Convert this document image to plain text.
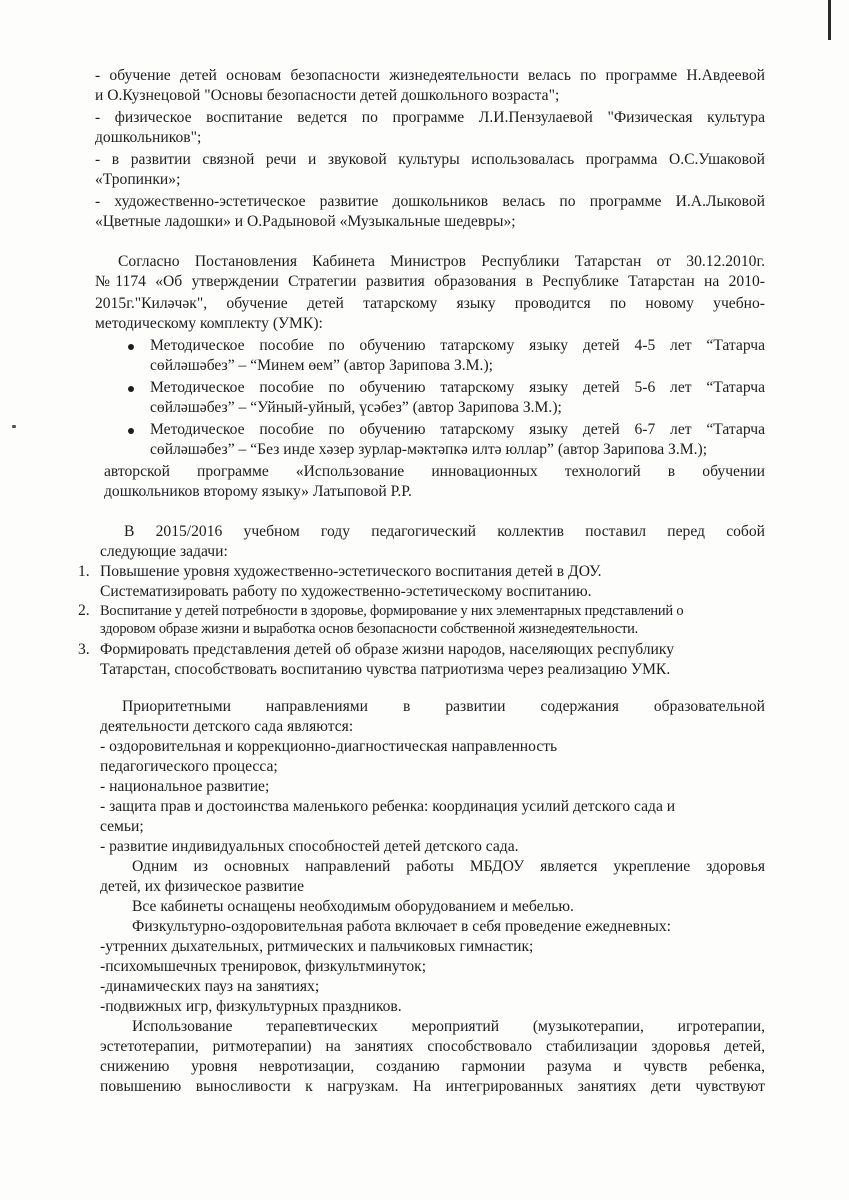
- обучение детей основам безопасности жизнедеятельности велась по программе Н.Авдеевой
и О.Кузнецовой "Основы безопасности детей дошкольного возраста";
- физическое воспитание ведется по программе Л.И.Пензулаевой "Физическая культура
дошкольников";
- в развитии связной речи и звуковой культуры использовалась программа О.С.Ушаковой
«Тропинки»;
- художественно-эстетическое развитие дошкольников велась по программе И.А.Лыковой
«Цветные ладошки» и О.Радыновой «Музыкальные шедевры»;
Согласно Постановления Кабинета Министров Республики Татарстан от 30.12.2010г.
№1174 «Об утверждении Стратегии развития образования в Республике Татарстан на 2010-
2015г."Киләчәк", обучение детей татарскому языку проводится по новому учебно-
методическому комплекту (УМК):
Методическое пособие по обучению татарскому языку детей 4-5 лет “Татарча
сөйләшәбез” – “Минем өем” (автор Зарипова З.М.);
Методическое пособие по обучению татарскому языку детей 5-6 лет “Татарча
сөйләшәбез” – “Уйный-уйный, үсәбез” (автор Зарипова З.М.);
Методическое пособие по обучению татарскому языку детей 6-7 лет “Татарча
сөйләшәбез” – “Без инде хәзер зурлар-мәктәпкә илтә юллар” (автор Зарипова З.М.);
авторской программе «Использование инновационных технологий в обучении
дошкольников второму языку» Латыповой Р.Р.
В 2015/2016 учебном году педагогический коллектив поставил перед собой
следующие задачи:
1. Повышение уровня художественно-эстетического воспитания детей в ДОУ.
Систематизировать работу по художественно-эстетическому воспитанию.
2. Воспитание у детей потребности в здоровье, формирование у них элементарных представлений о
здоровом образе жизни и выработка основ безопасности собственной жизнедеятельности.
3. Формировать представления детей об образе жизни народов, населяющих республику
Татарстан, способствовать воспитанию чувства патриотизма через реализацию УМК.
Приоритетными направлениями в развитии содержания образовательной
деятельности детского сада являются:
- оздоровительная и коррекционно-диагностическая направленность
педагогического процесса;
- национальное развитие;
- защита прав и достоинства маленького ребенка: координация усилий детского сада и
семьи;
- развитие индивидуальных способностей детей детского сада.
Одним из основных направлений работы МБДОУ является укрепление здоровья
детей, их физическое развитие
Все кабинеты оснащены необходимым оборудованием и мебелью.
Физкультурно-оздоровительная работа включает в себя проведение ежедневных:
-утренних дыхательных, ритмических и пальчиковых гимнастик;
-психомышечных тренировок, физкультминуток;
-динамических пауз на занятиях;
-подвижных игр, физкультурных праздников.
Использование терапевтических мероприятий (музыкотерапии, игротерапии,
эстетотерапии, ритмотерапии) на занятиях способствовало стабилизации здоровья детей,
снижению уровня невротизации, созданию гармонии разума и чувств ребенка,
повышению выносливости к нагрузкам. На интегрированных занятиях дети чувствуют
